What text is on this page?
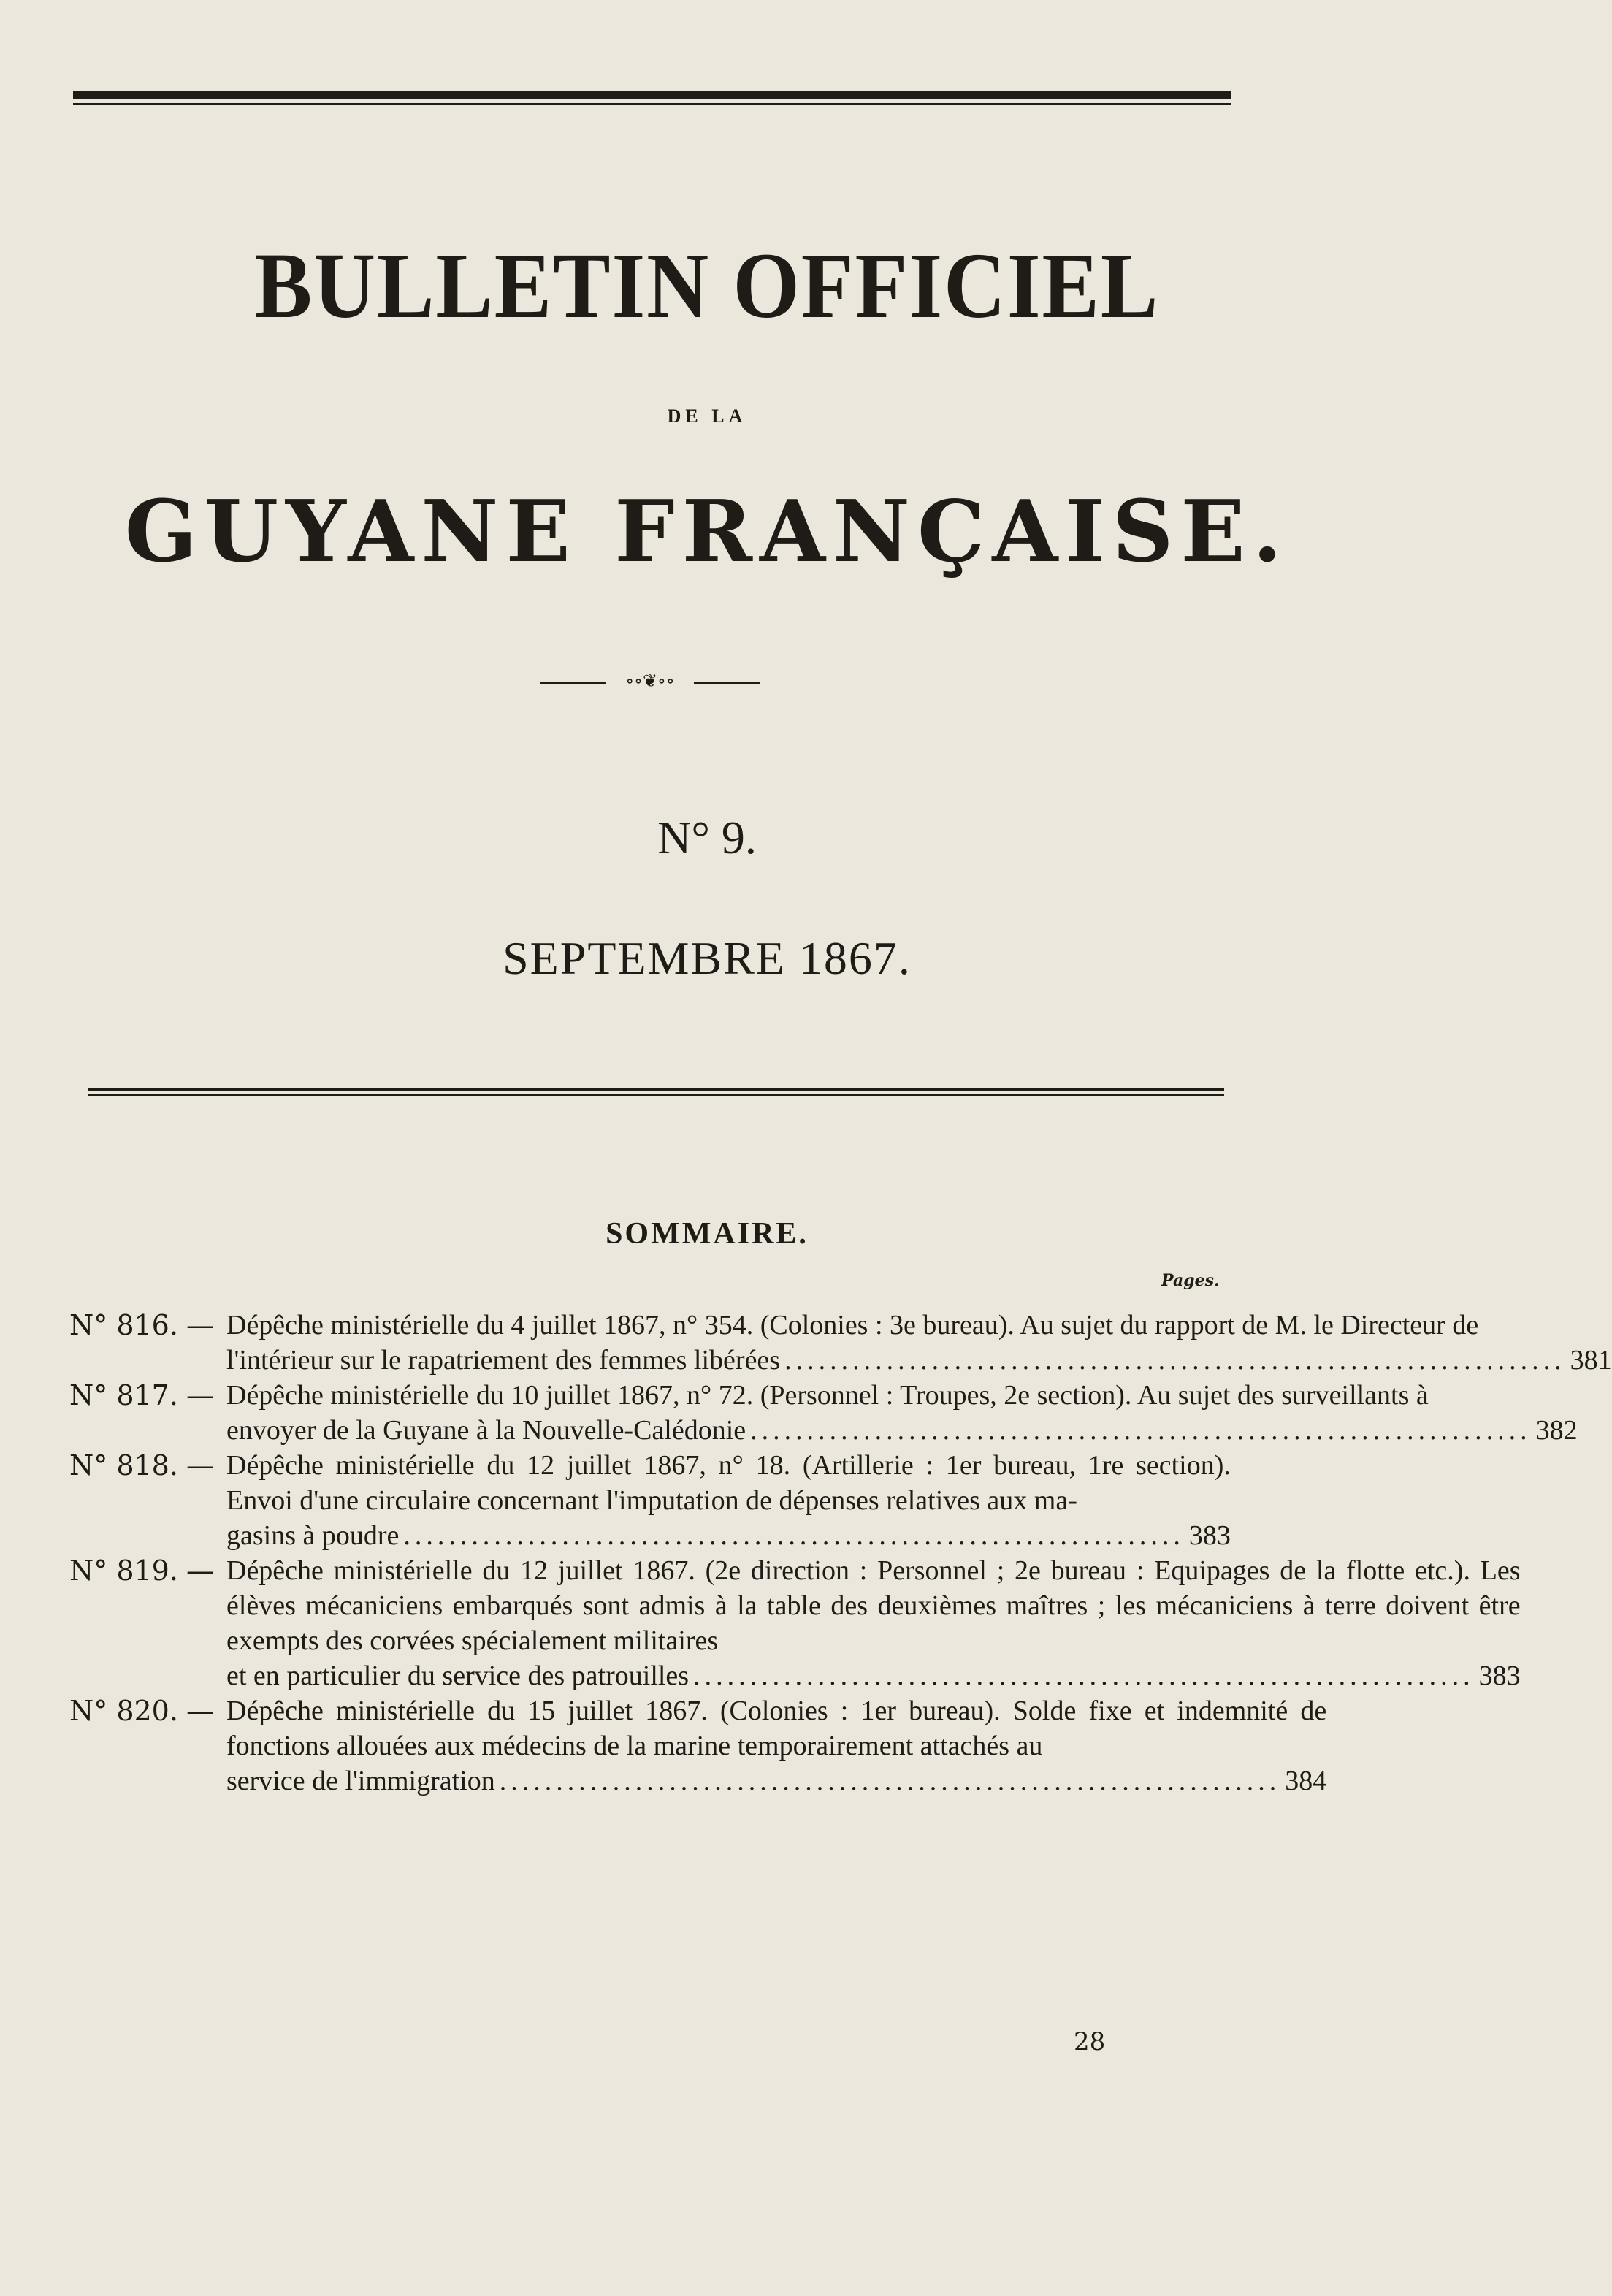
BULLETIN OFFICIEL
DE LA
GUYANE FRANÇAISE.
∘∘❦∘∘
N° 9.
SEPTEMBRE 1867.
SOMMAIRE.
Pages.
N° 816. — Dépêche ministérielle du 4 juillet 1867, n° 354. (Colonies : 3e bureau). Au sujet du rapport de M. le Directeur de
l'intérieur sur le rapatriement des femmes libérées ..................................................................... 381
N° 817. — Dépêche ministérielle du 10 juillet 1867, n° 72. (Personnel : Troupes, 2e section). Au sujet des surveillants à
envoyer de la Guyane à la Nouvelle-Calédonie ..................................................................... 382
N° 818. — Dépêche ministérielle du 12 juillet 1867, n° 18. (Artillerie : 1er bureau, 1re section). Envoi d'une circulaire concernant l'imputation de dépenses relatives aux ma-
gasins à poudre ..................................................................... 383
N° 819. — Dépêche ministérielle du 12 juillet 1867. (2e direction : Personnel ; 2e bureau : Equipages de la flotte etc.). Les élèves mécaniciens embarqués sont admis à la table des deuxièmes maîtres ; les mécaniciens à terre doivent être exempts des corvées spécialement militaires
et en particulier du service des patrouilles ..................................................................... 383
N° 820. — Dépêche ministérielle du 15 juillet 1867. (Colonies : 1er bureau). Solde fixe et indemnité de fonctions allouées aux médecins de la marine temporairement attachés au
service de l'immigration ..................................................................... 384
28
